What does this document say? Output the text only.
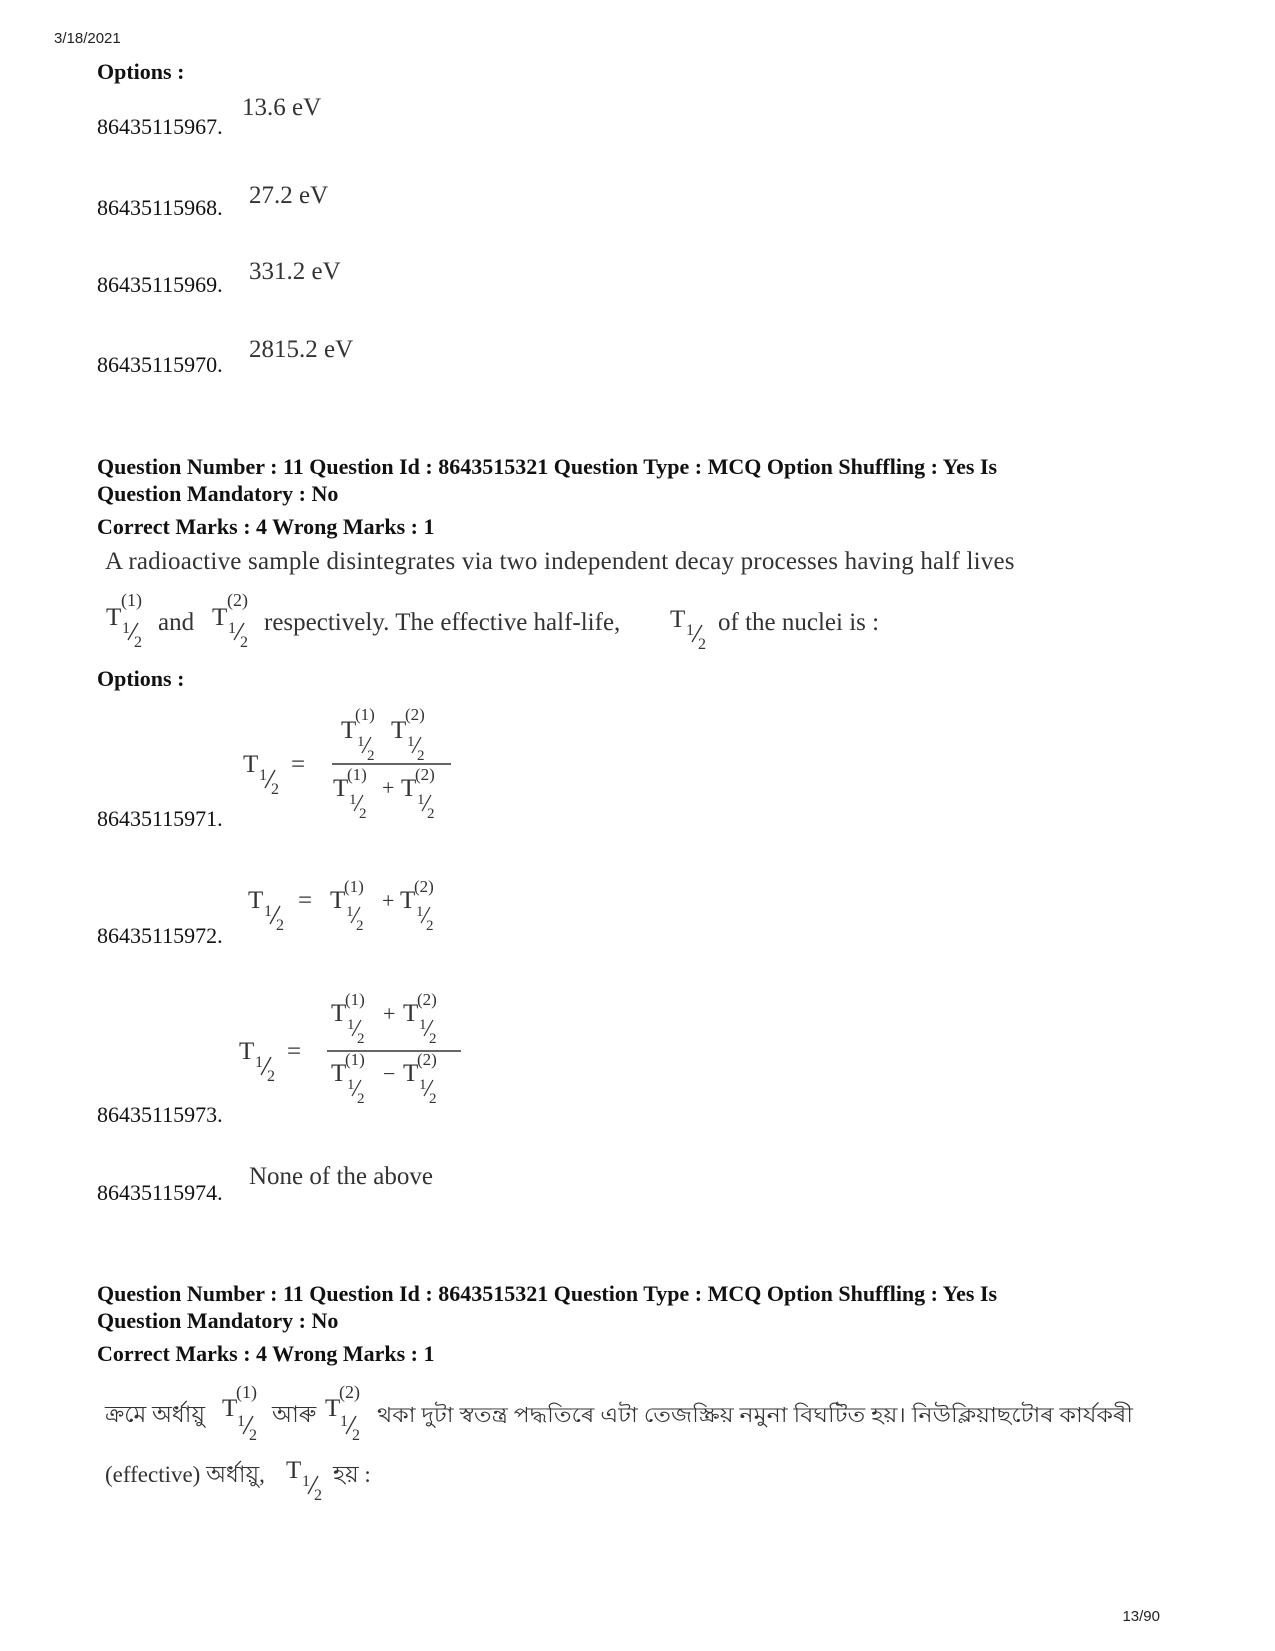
3/18/2021
Options :
86435115967.
13.6 eV
86435115968. 27.2 eV
86435115969. 331.2 eV
86435115970.
2815.2 eV
Question Number : 11 Question Id : 8643515321 Question Type : MCQ Option Shuffling : Yes Is
Question Mandatory : No
Correct Marks : 4 Wrong Marks : 1
A radioactive sample disintegrates via two independent decay processes having half lives
T
(1)
1
2
and T
(2)
1
2
respectively. The effective half-life, T 1
2
of the nuclei is :
Options :
86435115971.
T 1
2
=
T
(1)
1
2
T
(2)
1
2
T
(1)
1
2
+ T
(2)
1
2
86435115972.
T 1
2
= T
(1)
1
2
+ T
(2)
1
2
86435115973.
T 1
2
=
T
(1)
1
2
+ T
(2)
1
2
T
(1)
1
2
− T
(2)
1
2
86435115974.
None of the above
Question Number : 11 Question Id : 8643515321 Question Type : MCQ Option Shuffling : Yes Is
Question Mandatory : No
Correct Marks : 4 Wrong Marks : 1
ক্ৰমে অৰ্ধায়ু T
(1)
1
2
আৰু T
(2)
1
2
থকা দুটা স্বতন্ত্ৰ পদ্ধতিৰে এটা তেজস্ক্ৰিয় নমুনা বিঘটিত হয়। নিউক্লিয়াছটোৰ কাৰ্যকৰী
(effective) অৰ্ধায়ু, T 1
2
হয় :
13/90
